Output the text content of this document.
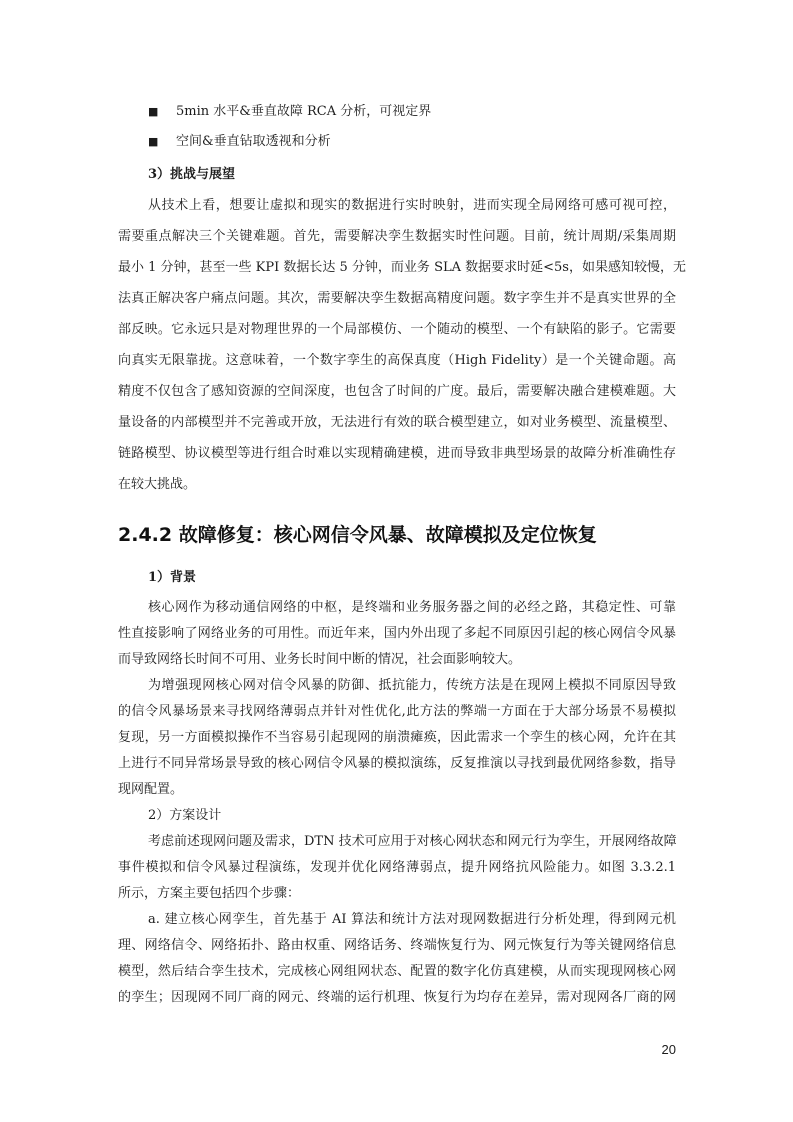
■ 5min 水平&垂直故障 RCA 分析，可视定界
■ 空间&垂直钻取透视和分析
3）挑战与展望
从技术上看，想要让虚拟和现实的数据进行实时映射，进而实现全局网络可感可视可控，
需要重点解决三个关键难题。首先，需要解决孪生数据实时性问题。目前，统计周期/采集周期
最小 1 分钟，甚至一些 KPI 数据长达 5 分钟，而业务 SLA 数据要求时延<5s，如果感知较慢，无
法真正解决客户痛点问题。其次，需要解决孪生数据高精度问题。数字孪生并不是真实世界的全
部反映。它永远只是对物理世界的一个局部模仿、一个随动的模型、一个有缺陷的影子。它需要
向真实无限靠拢。这意味着，一个数字孪生的高保真度（High Fidelity）是一个关键命题。高
精度不仅包含了感知资源的空间深度，也包含了时间的广度。最后，需要解决融合建模难题。大
量设备的内部模型并不完善或开放，无法进行有效的联合模型建立，如对业务模型、流量模型、
链路模型、协议模型等进行组合时难以实现精确建模，进而导致非典型场景的故障分析准确性存
在较大挑战。
2.4.2 故障修复：核心网信令风暴、故障模拟及定位恢复
1）背景
核心网作为移动通信网络的中枢，是终端和业务服务器之间的必经之路，其稳定性、可靠
性直接影响了网络业务的可用性。而近年来，国内外出现了多起不同原因引起的核心网信令风暴
而导致网络长时间不可用、业务长时间中断的情况，社会面影响较大。
为增强现网核心网对信令风暴的防御、抵抗能力，传统方法是在现网上模拟不同原因导致
的信令风暴场景来寻找网络薄弱点并针对性优化,此方法的弊端一方面在于大部分场景不易模拟
复现，另一方面模拟操作不当容易引起现网的崩溃瘫痪，因此需求一个孪生的核心网，允许在其
上进行不同异常场景导致的核心网信令风暴的模拟演练，反复推演以寻找到最优网络参数，指导
现网配置。
2）方案设计
考虑前述现网问题及需求，DTN 技术可应用于对核心网状态和网元行为孪生，开展网络故障
事件模拟和信令风暴过程演练，发现并优化网络薄弱点，提升网络抗风险能力。如图 3.3.2.1
所示，方案主要包括四个步骤：
a. 建立核心网孪生，首先基于 AI 算法和统计方法对现网数据进行分析处理，得到网元机
理、网络信令、网络拓扑、路由权重、网络话务、终端恢复行为、网元恢复行为等关键网络信息
模型，然后结合孪生技术，完成核心网组网状态、配置的数字化仿真建模，从而实现现网核心网
的孪生；因现网不同厂商的网元、终端的运行机理、恢复行为均存在差异，需对现网各厂商的网
20
